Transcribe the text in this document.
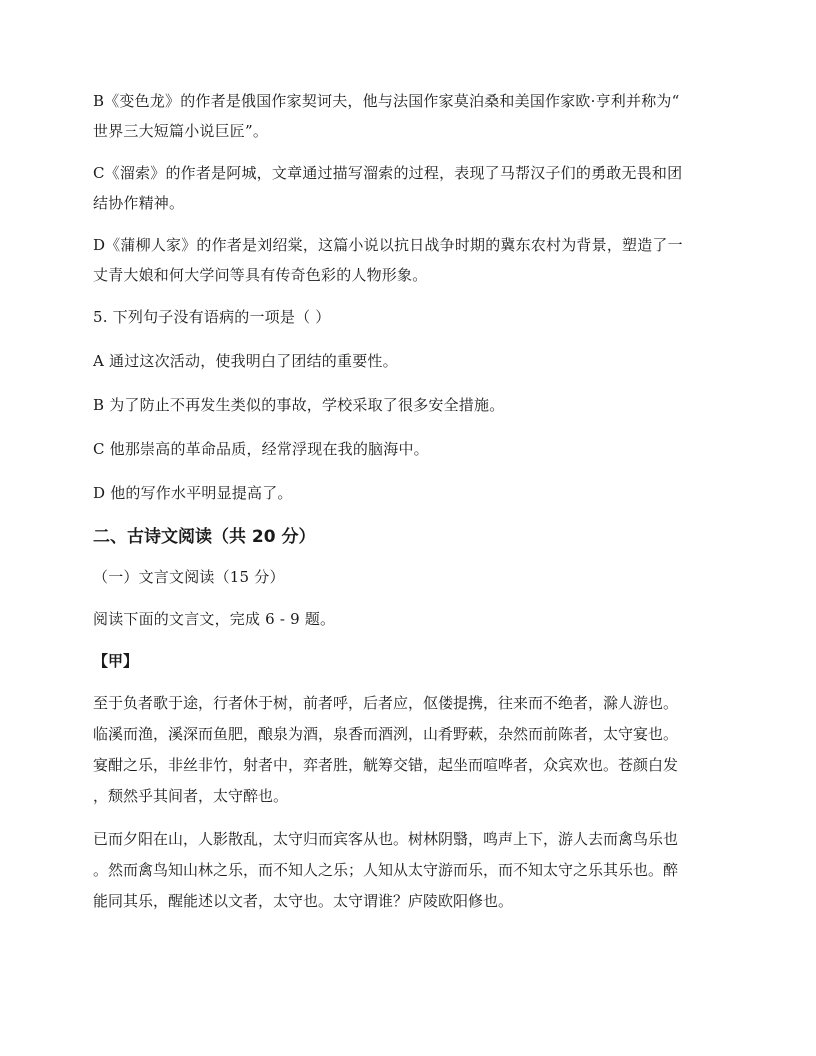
B《变色龙》的作者是俄国作家契诃夫，他与法国作家莫泊桑和美国作家欧·亨利并称为“

世界三大短篇小说巨匠”。

C《溜索》的作者是阿城，文章通过描写溜索的过程，表现了马帮汉子们的勇敢无畏和团

结协作精神。

D《蒲柳人家》的作者是刘绍棠，这篇小说以抗日战争时期的冀东农村为背景，塑造了一

丈青大娘和何大学问等具有传奇色彩的人物形象。

5. 下列句子没有语病的一项是（ ）

A 通过这次活动，使我明白了团结的重要性。

B 为了防止不再发生类似的事故，学校采取了很多安全措施。

C 他那崇高的革命品质，经常浮现在我的脑海中。

D 他的写作水平明显提高了。

二、古诗文阅读（共 20 分）

（一）文言文阅读（15 分）

阅读下面的文言文，完成 6 - 9 题。

【甲】
至于负者歌于途，行者休于树，前者呼，后者应，伛偻提携，往来而不绝者，滁人游也。
临溪而渔，溪深而鱼肥，酿泉为酒，泉香而酒洌，山肴野蔌，杂然而前陈者，太守宴也。
宴酣之乐，非丝非竹，射者中，弈者胜，觥筹交错，起坐而喧哗者，众宾欢也。苍颜白发
，颓然乎其间者，太守醉也。
已而夕阳在山，人影散乱，太守归而宾客从也。树林阴翳，鸣声上下，游人去而禽鸟乐也
。然而禽鸟知山林之乐，而不知人之乐；人知从太守游而乐，而不知太守之乐其乐也。醉
能同其乐，醒能述以文者，太守也。太守谓谁？庐陵欧阳修也。
